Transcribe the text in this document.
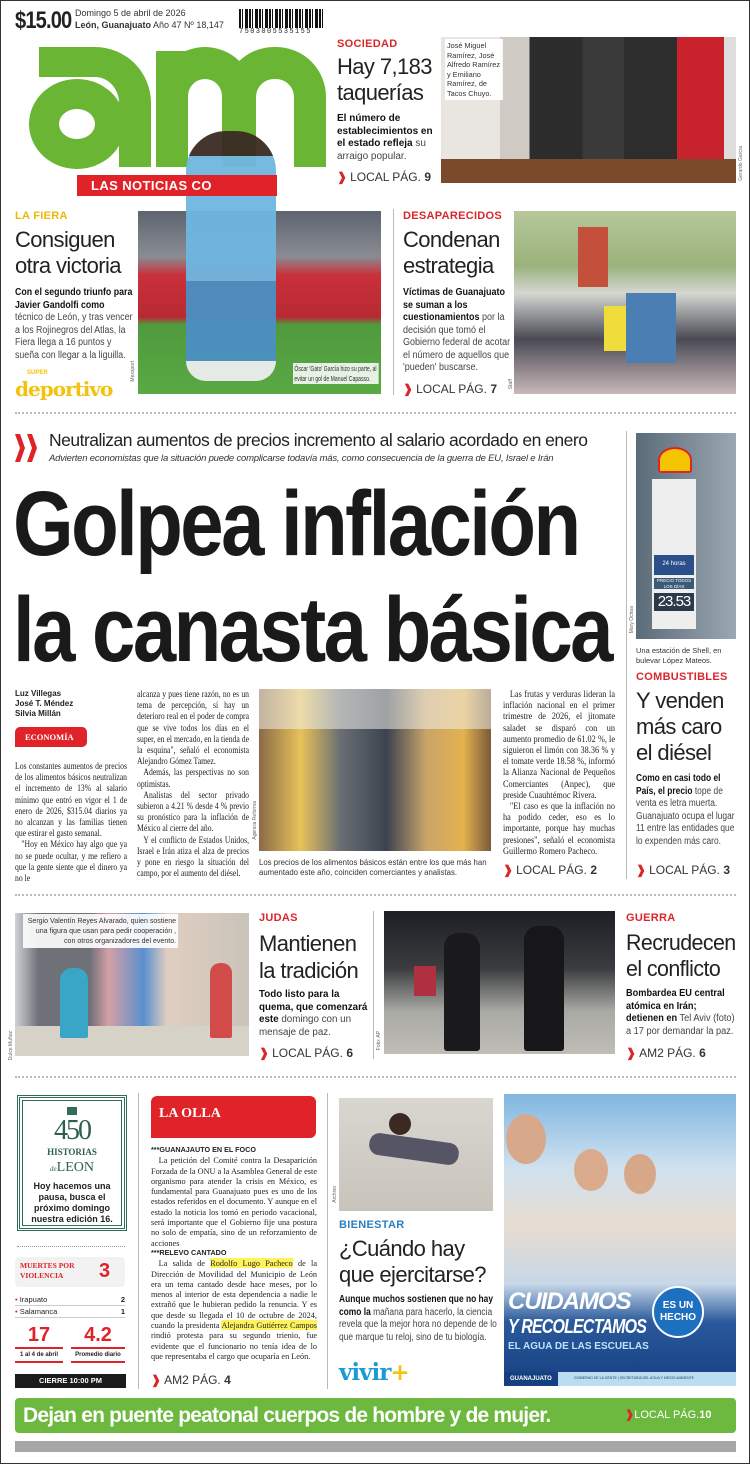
$15.00 Domingo 5 de abril de 2026
León, Guanajuato Año 47 Nº 18,147
7503005535155
LAS NOTICIAS CO
Óscar 'Gato' García hizo su parte, al evitar un gol de Manuel Capasso.
Mexsport
SOCIEDAD
Hay 7,183
taquerías
El número de establecimientos en el estado refleja su arraigo popular.
❱ LOCAL PÁG. 9
José Miguel Ramírez, José Alfredo Ramírez y Emiliano Ramírez, de Tacos Chuyo.
Gerardo García
LA FIERA
Consiguen
otra victoria
Con el segundo triunfo para Javier Gandolfi como técnico de León, y tras vencer a los Rojinegros del Atlas, la Fiera llega a 16 puntos y sueña con llegar a la liguilla.
SUPER
deportivo
DESAPARECIDOS
Condenan
estrategia
Víctimas de Guanajuato se suman a los cuestionamientos por la decisión que tomó el Gobierno federal de acotar el número de aquellos que 'pueden' buscarse.
❱ LOCAL PÁG. 7 Staff
Neutralizan aumentos de precios incremento al salario acordado en enero
Advierten economistas que la situación puede complicarse todavía más, como consecuencia de la guerra de EU, Israel e Irán
Golpea inflación
la canasta básica
Luz Villegas
José T. Méndez
Silvia Millán
ECONOMÍA

Los constantes aumentos de precios de los alimentos básicos neutralizan el incremento de 13% al salario mínimo que entró en vigor el 1 de enero de 2026, $315.04 diarios ya no alcanzan y las familias tienen que estirar el gasto semanal.

"Hoy en México hay algo que ya no se puede ocultar, y me refiero a que la gente siente que el dinero ya no le

alcanza y pues tiene razón, no es un tema de percepción, sí hay un deterioro real en el poder de compra que se vive todos los días en el super, en el mercado, en la tienda de la esquina", señaló el economista Alejandro Gómez Tamez.

Además, las perspectivas no son optimistas.

Analistas del sector privado subieron a 4.21 % desde 4 % previo su pronóstico para la inflación de México al cierre del año.

Y el conflicto de Estados Unidos, Israel e Irán atiza el alza de precios y pone en riesgo la situación del campo, por el aumento del diésel.

Agencia Reforma
Los precios de los alimentos básicos están entre los que más han aumentado este año, coinciden comerciantes y analistas.

Las frutas y verduras lideran la inflación nacional en el primer trimestre de 2026, el jitomate saladet se disparó con un aumento promedio de 61.02 %, le siguieron el limón con 38.36 % y el tomate verde 18.58 %, informó la Alianza Nacional de Pequeños Comerciantes (Anpec), que preside Cuauhtémoc Rivera.

"El caso es que la inflación no ha podido ceder, eso es lo importante, porque hay muchas presiones", señaló el economista Guillermo Romero Pacheco.

❱ LOCAL PÁG. 2
24 horas
PRECIO TODOS LOS DÍAS
23.53
Mary Ochoa
Una estación de Shell, en bulevar López Mateos.
COMBUSTIBLES
Y venden
más caro
el diésel
Como en casi todo el País, el precio tope de venta es letra muerta. Guanajuato ocupa el lugar 11 entre las entidades que lo expenden más caro.
❱ LOCAL PÁG. 3
Sergio Valentín Reyes Alvarado, quien sostiene una figura que usan para pedir cooperación , con otros organizadores del evento.
Dulce Muñoz
JUDAS
Mantienen
la tradición
Todo listo para la quema, que comenzará este domingo con un mensaje de paz.
❱ LOCAL PÁG. 6
Foto: AP
GUERRA
Recrudecen
el conflicto
Bombardea EU central atómica en Irán; detienen en Tel Aviv (foto) a 17 por demandar la paz.
❱ AM2 PÁG. 6
450
HISTORIAS
deLEON
Hoy hacemos una pausa, busca el próximo domingo nuestra edición 16.
MUERTES POR VIOLENCIA	3
• Irapuato	2
• Salamanca	1
17
1 al 4 de abril
4.2
Promedio diario
CIERRE 10:00 PM
LA OLLA
***GUANAJAUTO EN EL FOCO

La petición del Comité contra la Desaparición Forzada de la ONU a la Asamblea General de este organismo para atender la crisis en México, es fundamental para Guanajuato pues es uno de los estados referidos en el documento. Y aunque en el estado la noticia los tomó en periodo vacacional, será importante que el Gobierno fije una postura no solo de empatía, sino de un reforzamiento de acciones

***RELEVO CANTADO

La salida de Rodolfo Lugo Pacheco de la Dirección de Movilidad del Municipio de León era un tema cantado desde hace meses, por lo menos al interior de esta dependencia a nadie le extrañó que le hubieran pedido la renuncia. Y es que desde su llegada el 10 de octubre de 2024, cuando la presidenta Alejandra Gutiérrez Campos rindió protesta para su segundo trienio, fue evidente que el funcionario no tenía idea de lo que representaba el cargo que ocuparía en León.

❱ AM2 PÁG. 4
Archivo
BIENESTAR
¿Cuándo hay
que ejercitarse?
Aunque muchos sostienen que no hay como la mañana para hacerlo, la ciencia revela que la mejor hora no depende de lo que marque tu reloj, sino de tu biología.
vivir+
CUIDAMOS
Y RECOLECTAMOS
EL AGUA DE LAS ESCUELAS
ES UN
HECHO
GUANAJUATO	GOBIERNO DE LA GENTE | SECRETARÍA DEL AGUA Y MEDIO AMBIENTE
Dejan en puente peatonal cuerpos de hombre y de mujer.	❱LOCAL PÁG.10
